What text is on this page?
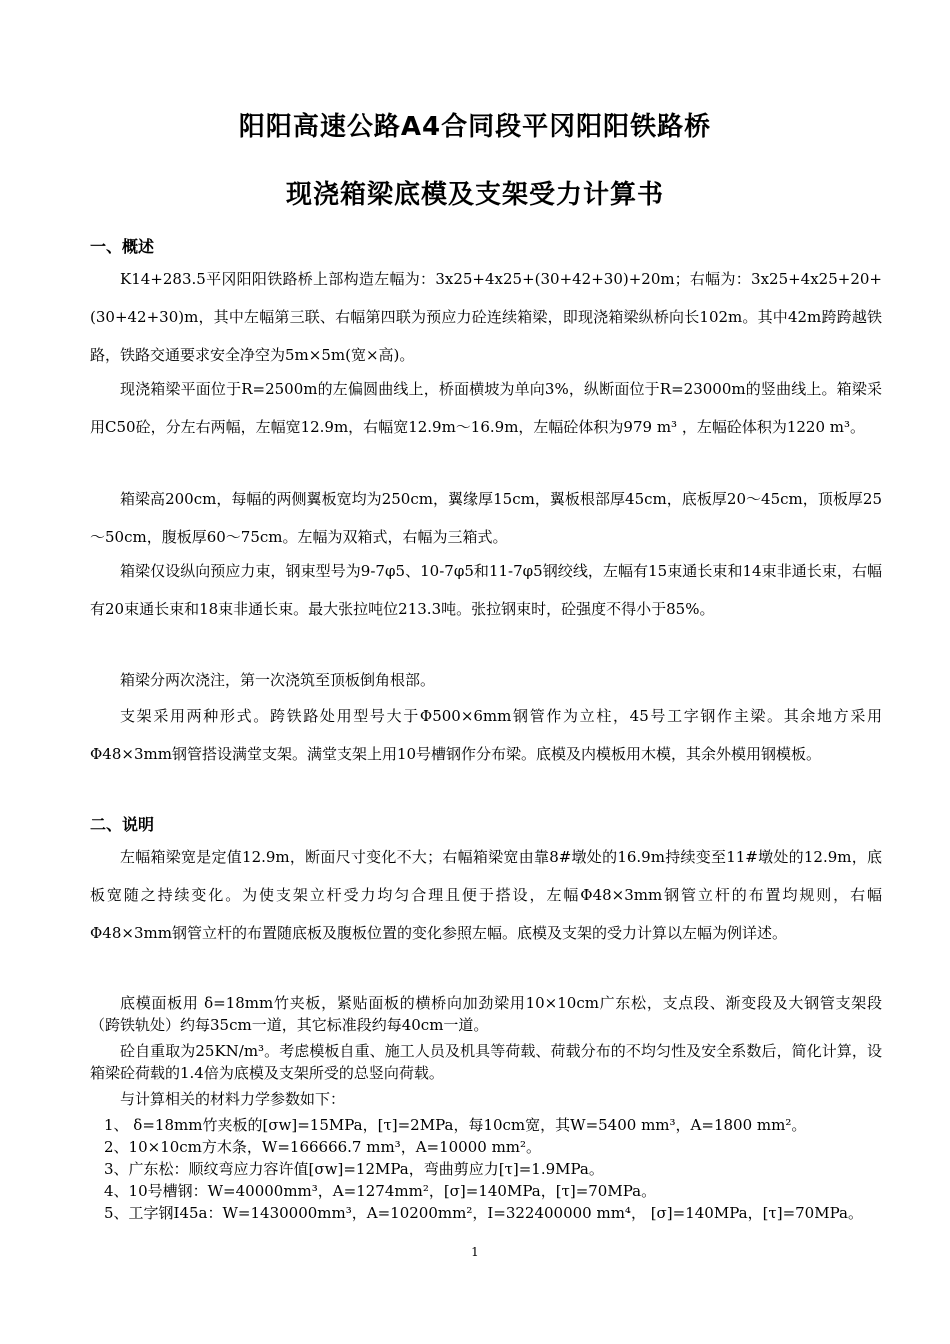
阳阳高速公路A4合同段平冈阳阳铁路桥
现浇箱梁底模及支架受力计算书
一、概述

K14+283.5平冈阳阳铁路桥上部构造左幅为：3x25+4x25+(30+42+30)+20m；右幅为：3x25+4x25+20+(30+42+30)m，其中左幅第三联、右幅第四联为预应力砼连续箱梁，即现浇箱梁纵桥向长102m。其中42m跨跨越铁路，铁路交通要求安全净空为5m×5m(宽×高)。

现浇箱梁平面位于R=2500m的左偏圆曲线上，桥面横坡为单向3%，纵断面位于R=23000m的竖曲线上。箱梁采用C50砼，分左右两幅，左幅宽12.9m，右幅宽12.9m～16.9m，左幅砼体积为979 m³ ，左幅砼体积为1220 m³。

箱梁高200cm，每幅的两侧翼板宽均为250cm，翼缘厚15cm，翼板根部厚45cm，底板厚20～45cm，顶板厚25～50cm，腹板厚60～75cm。左幅为双箱式，右幅为三箱式。

箱梁仅设纵向预应力束，钢束型号为9-7φ5、10-7φ5和11-7φ5钢绞线，左幅有15束通长束和14束非通长束，右幅有20束通长束和18束非通长束。最大张拉吨位213.3吨。张拉钢束时，砼强度不得小于85%。

箱梁分两次浇注，第一次浇筑至顶板倒角根部。

支架采用两种形式。跨铁路处用型号大于Φ500×6mm钢管作为立柱，45号工字钢作主梁。其余地方采用Φ48×3mm钢管搭设满堂支架。满堂支架上用10号槽钢作分布梁。底模及内模板用木模，其余外模用钢模板。

二、说明

左幅箱梁宽是定值12.9m，断面尺寸变化不大；右幅箱梁宽由靠8#墩处的16.9m持续变至11#墩处的12.9m，底板宽随之持续变化。为使支架立杆受力均匀合理且便于搭设，左幅Φ48×3mm钢管立杆的布置均规则，右幅Φ48×3mm钢管立杆的布置随底板及腹板位置的变化参照左幅。底模及支架的受力计算以左幅为例详述。

底模面板用 δ=18mm竹夹板，紧贴面板的横桥向加劲梁用10×10cm广东松，支点段、渐变段及大钢管支架段（跨铁轨处）约每35cm一道，其它标准段约每40cm一道。

砼自重取为25KN/m³。考虑模板自重、施工人员及机具等荷载、荷载分布的不均匀性及安全系数后，简化计算，设箱梁砼荷载的1.4倍为底模及支架所受的总竖向荷载。

与计算相关的材料力学参数如下：

1、 δ=18mm竹夹板的[σw]=15MPa，[τ]=2MPa，每10cm宽，其W=5400 mm³，A=1800 mm²。
2、10×10cm方木条，W=166666.7 mm³，A=10000 mm²。
3、广东松：顺纹弯应力容许值[σw]=12MPa，弯曲剪应力[τ]=1.9MPa。
4、10号槽钢：W=40000mm³，A=1274mm²，[σ]=140MPa，[τ]=70MPa。
5、工字钢I45a：W=1430000mm³，A=10200mm²，I=322400000 mm⁴， [σ]=140MPa，[τ]=70MPa。
1
